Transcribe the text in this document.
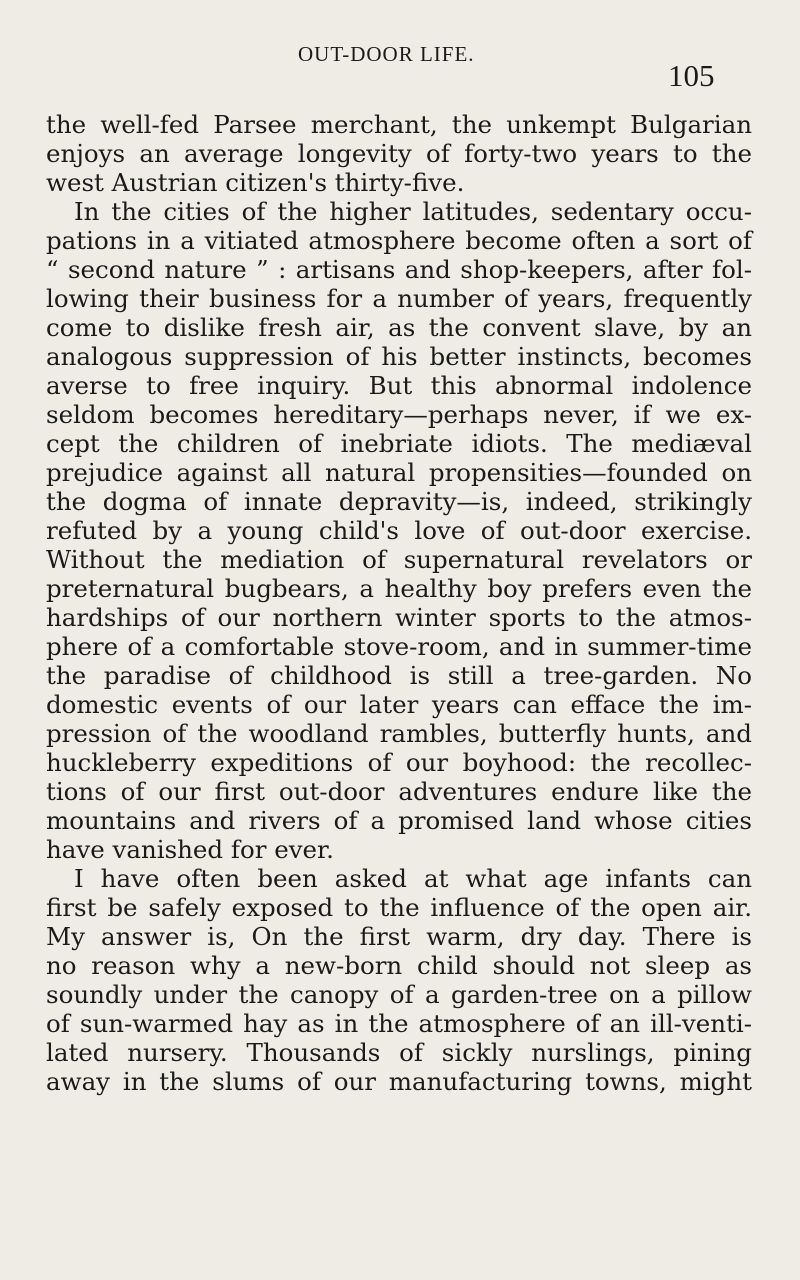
OUT-DOOR LIFE.
105
the well-fed Parsee merchant, the unkempt Bulgarian
enjoys an average longevity of forty-two years to the
west Austrian citizen's thirty-five.
In the cities of the higher latitudes, sedentary occu-
pations in a vitiated atmosphere become often a sort of
“ second nature ” : artisans and shop-keepers, after fol-
lowing their business for a number of years, frequently
come to dislike fresh air, as the convent slave, by an
analogous suppression of his better instincts, becomes
averse to free inquiry. But this abnormal indolence
seldom becomes hereditary—perhaps never, if we ex-
cept the children of inebriate idiots. The mediæval
prejudice against all natural propensities—founded on
the dogma of innate depravity—is, indeed, strikingly
refuted by a young child's love of out-door exercise.
Without the mediation of supernatural revelators or
preternatural bugbears, a healthy boy prefers even the
hardships of our northern winter sports to the atmos-
phere of a comfortable stove-room, and in summer-time
the paradise of childhood is still a tree-garden. No
domestic events of our later years can efface the im-
pression of the woodland rambles, butterfly hunts, and
huckleberry expeditions of our boyhood: the recollec-
tions of our first out-door adventures endure like the
mountains and rivers of a promised land whose cities
have vanished for ever.
I have often been asked at what age infants can
first be safely exposed to the influence of the open air.
My answer is, On the first warm, dry day. There is
no reason why a new-born child should not sleep as
soundly under the canopy of a garden-tree on a pillow
of sun-warmed hay as in the atmosphere of an ill-venti-
lated nursery. Thousands of sickly nurslings, pining
away in the slums of our manufacturing towns, might
